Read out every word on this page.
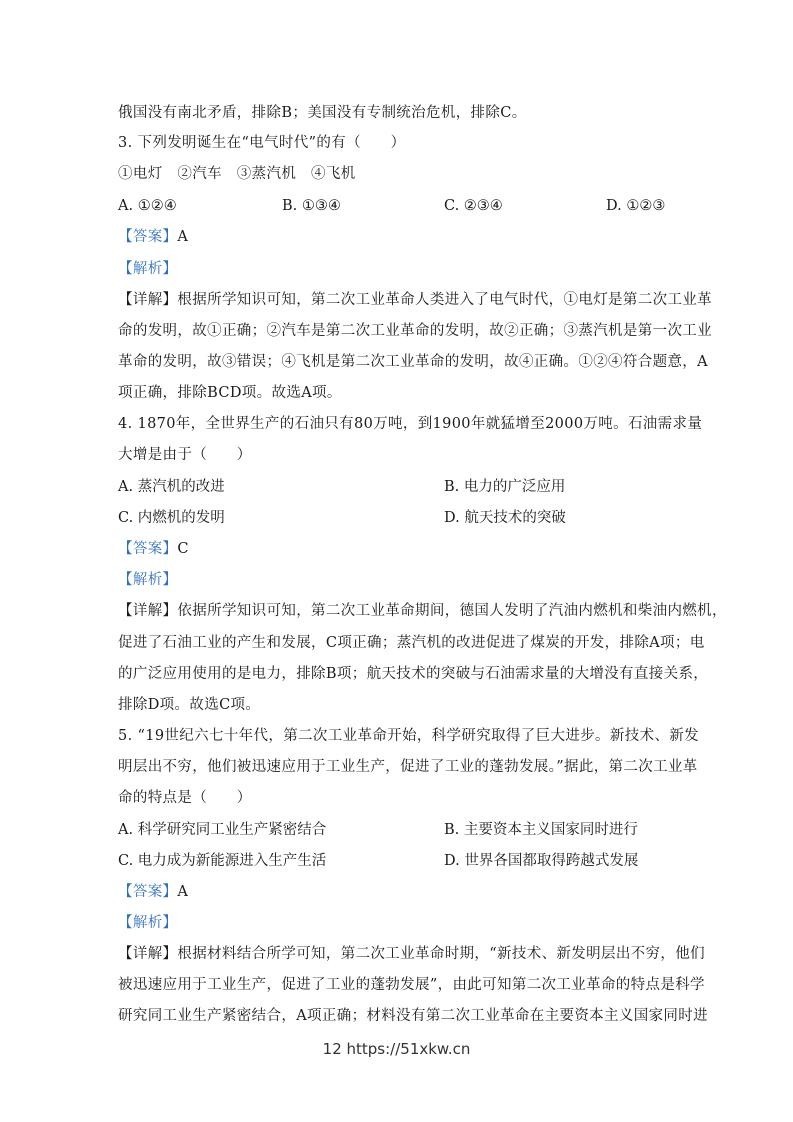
俄国没有南北矛盾，排除B；美国没有专制统治危机，排除C。
3. 下列发明诞生在“电气时代”的有（　　）
①电灯　②汽车　③蒸汽机　④飞机
A. ①②④	B. ①③④	C. ②③④	D. ①②③
【答案】A
【解析】
【详解】根据所学知识可知，第二次工业革命人类进入了电气时代，①电灯是第二次工业革
命的发明，故①正确；②汽车是第二次工业革命的发明，故②正确；③蒸汽机是第一次工业
革命的发明，故③错误；④飞机是第二次工业革命的发明，故④正确。①②④符合题意，A
项正确，排除BCD项。故选A项。
4. 1870年，全世界生产的石油只有80万吨，到1900年就猛增至2000万吨。石油需求量
大增是由于（　　）
A. 蒸汽机的改进	B. 电力的广泛应用
C. 内燃机的发明	D. 航天技术的突破
【答案】C
【解析】
【详解】依据所学知识可知，第二次工业革命期间，德国人发明了汽油内燃机和柴油内燃机，
促进了石油工业的产生和发展，C项正确；蒸汽机的改进促进了煤炭的开发，排除A项；电
的广泛应用使用的是电力，排除B项；航天技术的突破与石油需求量的大增没有直接关系，
排除D项。故选C项。
5. “19世纪六七十年代，第二次工业革命开始，科学研究取得了巨大进步。新技术、新发
明层出不穷，他们被迅速应用于工业生产，促进了工业的蓬勃发展。”据此，第二次工业革
命的特点是（　　）
A. 科学研究同工业生产紧密结合	B. 主要资本主义国家同时进行
C. 电力成为新能源进入生产生活	D. 世界各国都取得跨越式发展
【答案】A
【解析】
【详解】根据材料结合所学可知，第二次工业革命时期，“新技术、新发明层出不穷，他们
被迅速应用于工业生产，促进了工业的蓬勃发展”，由此可知第二次工业革命的特点是科学
研究同工业生产紧密结合，A项正确；材料没有第二次工业革命在主要资本主义国家同时进
12 https://51xkw.cn
